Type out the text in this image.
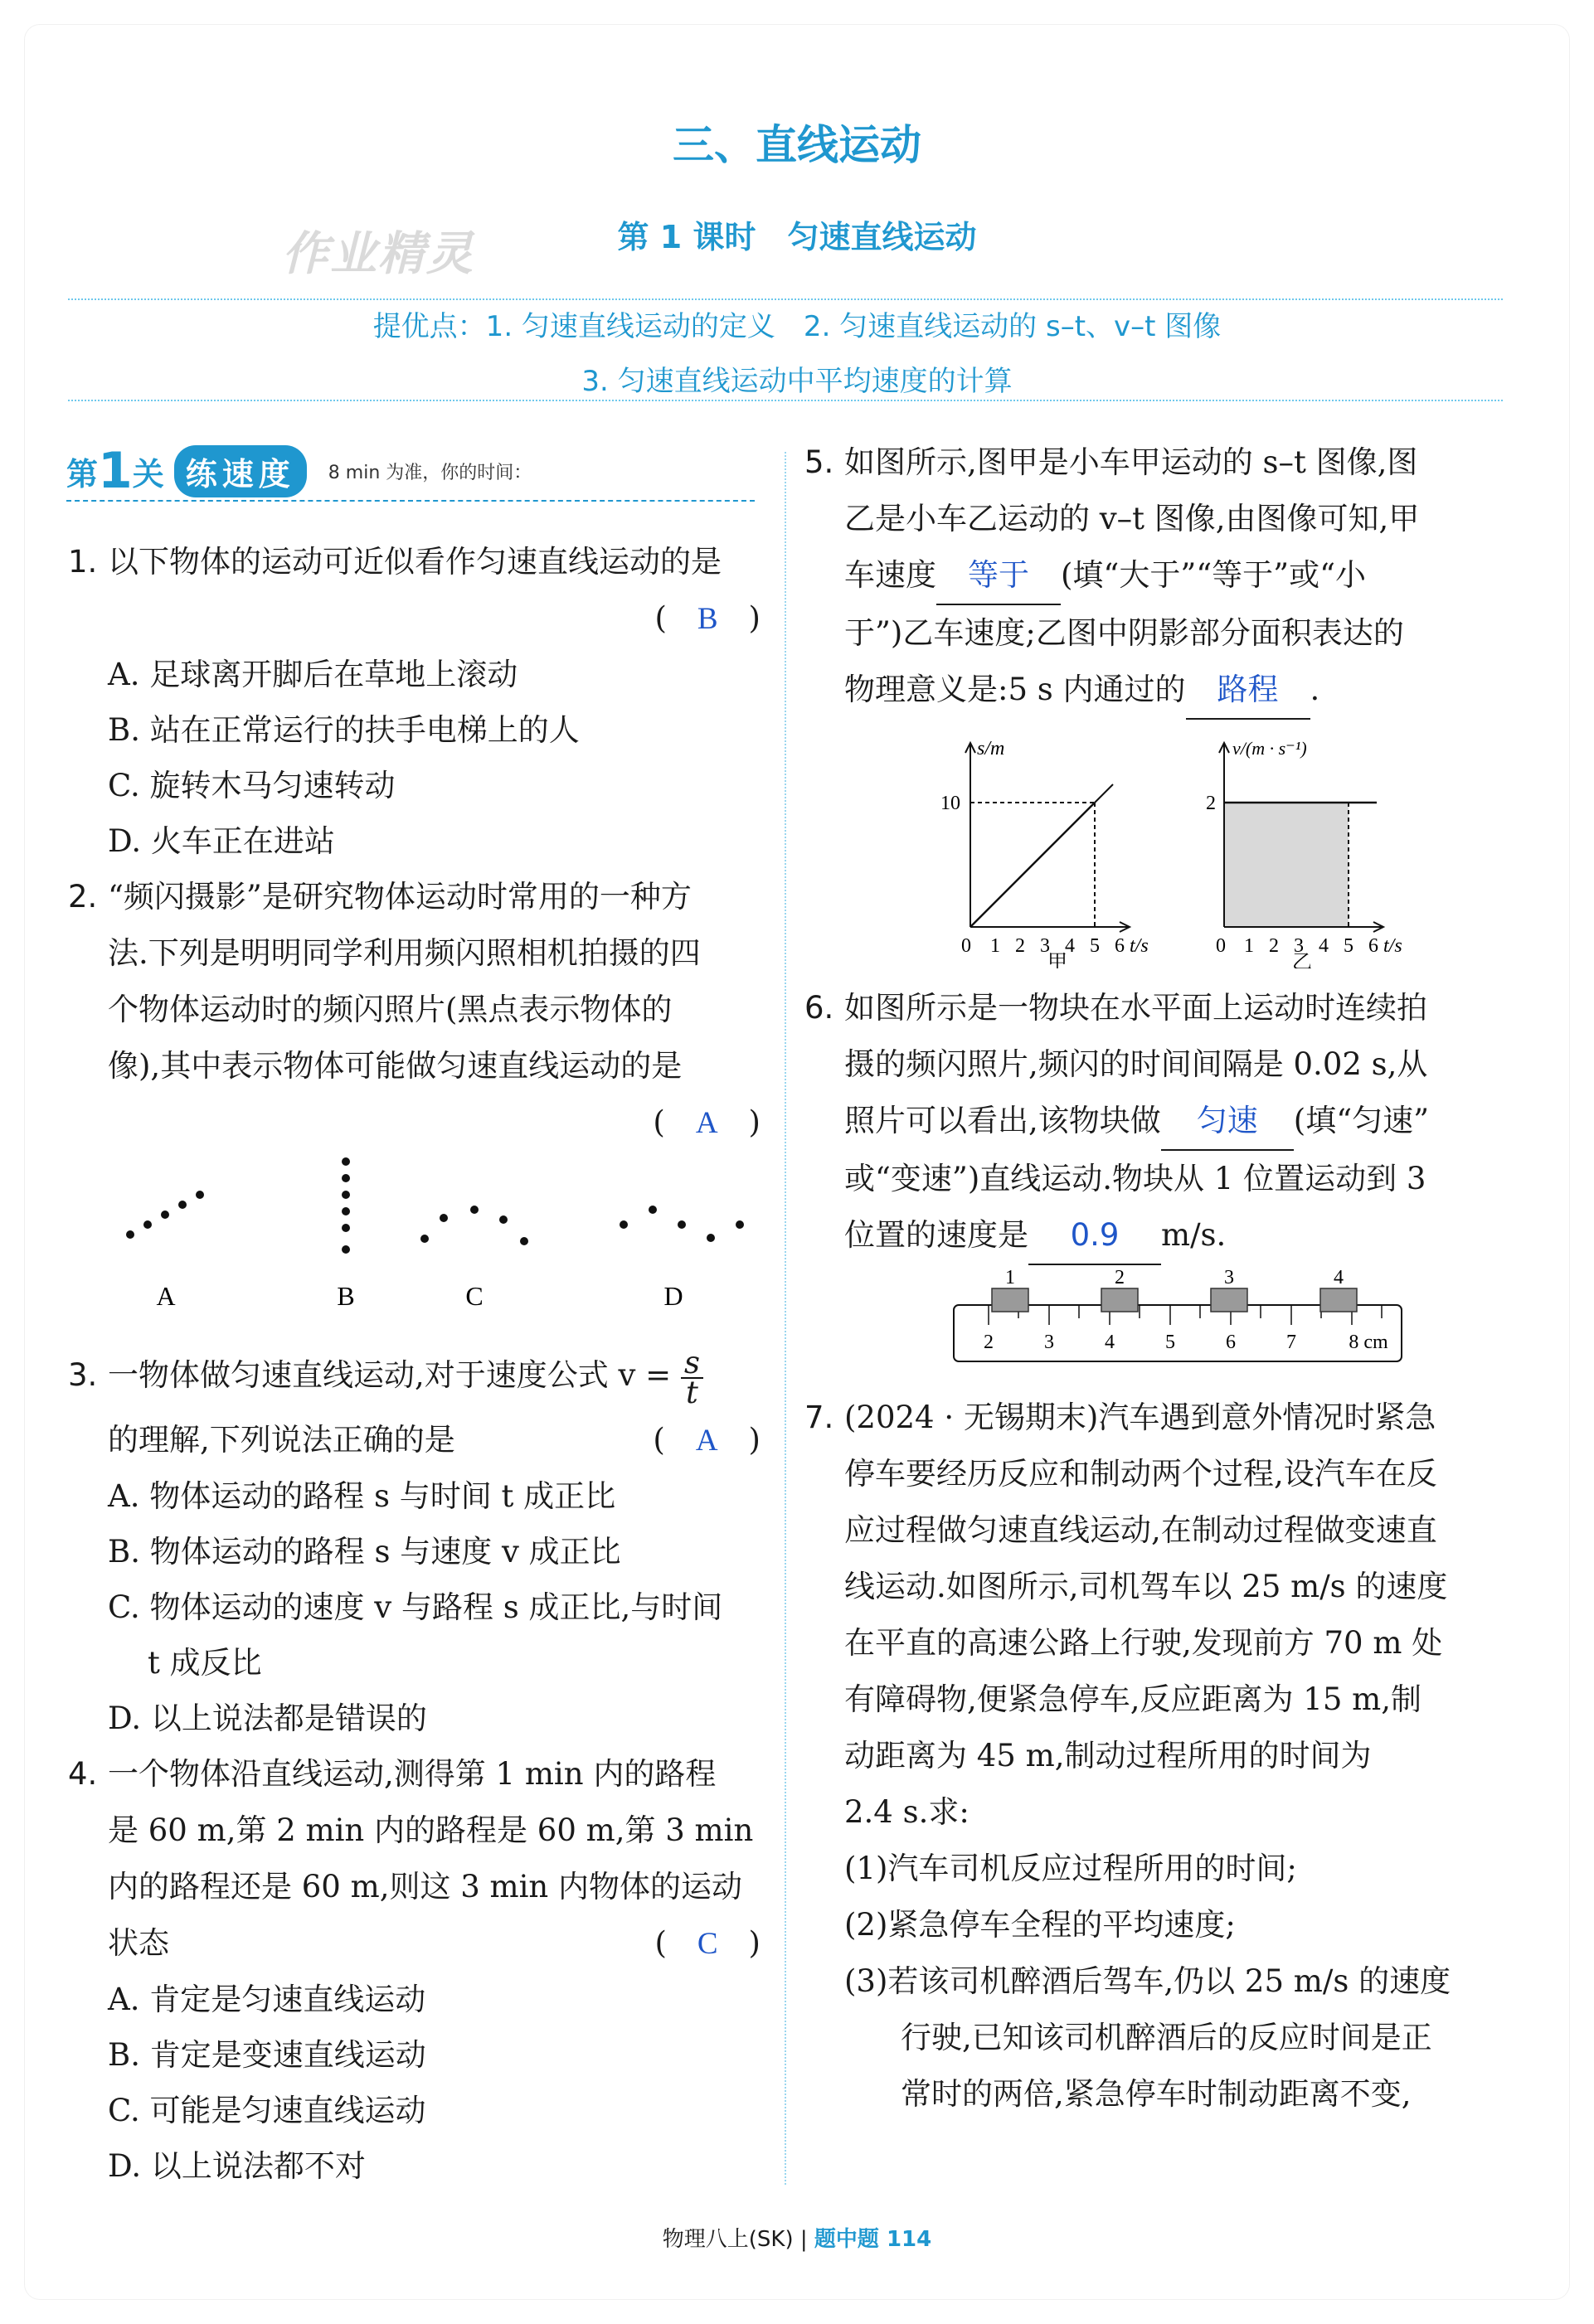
三、直线运动
第 1 课时　匀速直线运动
作业精灵
提优点：1. 匀速直线运动的定义　2. 匀速直线运动的 s–t、v–t 图像
3. 匀速直线运动中平均速度的计算
第 1 关 练速度	8 min 为准，你的时间：

1. 以下物体的运动可近似看作匀速直线运动的是

(　B　)

A. 足球离开脚后在草地上滚动

B. 站在正常运行的扶手电梯上的人

C. 旋转木马匀速转动

D. 火车正在进站

2. “频闪摄影”是研究物体运动时常用的一种方

法.下列是明明同学利用频闪照相机拍摄的四

个物体运动时的频闪照片(黑点表示物体的

像),其中表示物体可能做匀速直线运动的是

(　A　)

A	B	C	D

3. 一物体做匀速直线运动,对于速度公式 $v = \frac{s}{t}$

的理解,下列说法正确的是	(　A　)

A. 物体运动的路程 s 与时间 t 成正比

B. 物体运动的路程 s 与速度 v 成正比

C. 物体运动的速度 v 与路程 s 成正比,与时间

t 成反比

D. 以上说法都是错误的

4. 一个物体沿直线运动,测得第 1 min 内的路程

是 60 m,第 2 min 内的路程是 60 m,第 3 min

内的路程还是 60 m,则这 3 min 内物体的运动

状态	(　C　)

A. 肯定是匀速直线运动

B. 肯定是变速直线运动

C. 可能是匀速直线运动

D. 以上说法都不对

5. 如图所示,图甲是小车甲运动的 s–t 图像,图

乙是小车乙运动的 v–t 图像,由图像可知,甲

车速度 等于 (填“大于”“等于”或“小

于”)乙车速度;乙图中阴影部分面积表达的

物理意义是:5 s 内通过的 路程 .

s/m
10
0 1 2 3 4 5 6 t/s
甲
v/(m · s⁻¹)
2
0 1 2 3 4 5 6 t/s
乙

6. 如图所示是一物块在水平面上运动时连续拍

摄的频闪照片,频闪的时间间隔是 0.02 s,从

照片可以看出,该物块做 匀速 (填“匀速”

或“变速”)直线运动.物块从 1 位置运动到 3

位置的速度是 0.9 m/s.

1	2	3	4
2	3	4	5	6	7	8 cm

7. (2024 · 无锡期末)汽车遇到意外情况时紧急

停车要经历反应和制动两个过程,设汽车在反

应过程做匀速直线运动,在制动过程做变速直

线运动.如图所示,司机驾车以 25 m/s 的速度

在平直的高速公路上行驶,发现前方 70 m 处

有障碍物,便紧急停车,反应距离为 15 m,制

动距离为 45 m,制动过程所用的时间为

2.4 s.求:

(1)汽车司机反应过程所用的时间;

(2)紧急停车全程的平均速度;

(3)若该司机醉酒后驾车,仍以 25 m/s 的速度

行驶,已知该司机醉酒后的反应时间是正

常时的两倍,紧急停车时制动距离不变,

物理八上(SK) | 题中题 114
